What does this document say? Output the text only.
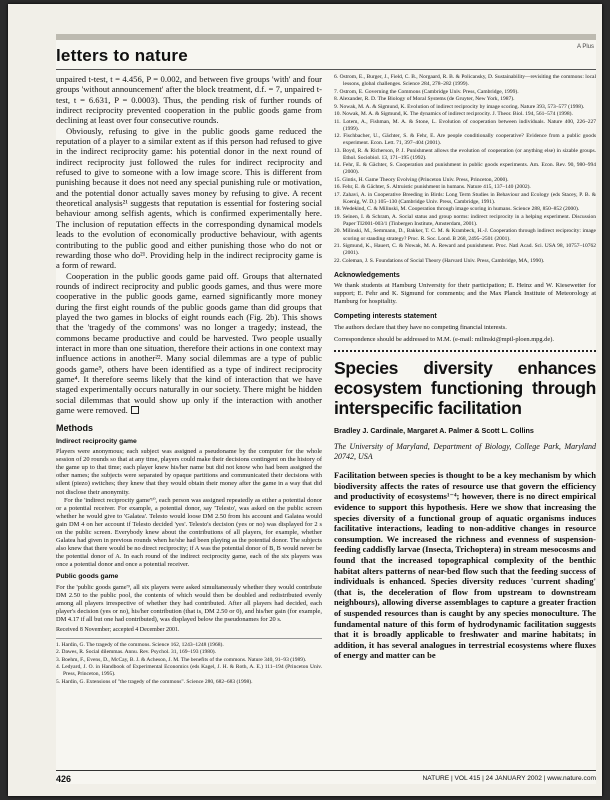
letters to nature	A Plus

unpaired t-test, t = 4.456, P = 0.002, and between five groups 'with' and four groups 'without announcement' after the block treatment, d.f. = 7, unpaired t-test, t = 6.631, P = 0.0003). Thus, the pending risk of further rounds of indirect reciprocity prevented cooperation in the public goods game from declining at least over four consecutive rounds.

Obviously, refusing to give in the public goods game reduced the reputation of a player to a similar extent as if this person had refused to give in the indirect reciprocity game: his potential donor in the next round of indirect reciprocity just followed the rules for indirect reciprocity and refused to give to someone with a low image score. This is different from punishing because it does not need any special punishing rule or motivation, and the potential donor actually saves money by refusing to give. A recent theoretical analysis²¹ suggests that reputation is essential for fostering social behaviour among selfish agents, which is confirmed experimentally here. The inclusion of reputation effects in the corresponding dynamical models leads to the evolution of economically productive behaviour, with agents contributing to the public good and either punishing those who do not or rewarding those who do²¹. Providing help in the indirect reciprocity game is a form of reward.

Cooperation in the public goods game paid off. Groups that alternated rounds of indirect reciprocity and public goods games, and thus were more cooperative in the public goods game, earned significantly more money during the first eight rounds of the public goods game than did groups that played the two games in blocks of eight rounds each (Fig. 2b). This shows that the 'tragedy of the commons' was no longer a tragedy; instead, the commons became productive and could be harvested. Two people usually interact in more than one situation, therefore their actions in one context may influence actions in another²². Many social dilemmas are a type of public goods game⁹, others have been identified as a type of indirect reciprocity game⁴. It therefore seems likely that the kind of interaction that we have staged experimentally occurs naturally in our society. There might be hidden social dilemmas that would show up only if the interaction with another game were removed.

Methods
Indirect reciprocity game

Players were anonymous; each subject was assigned a pseudoname by the computer for the whole session of 20 rounds so that at any time, players could make their decisions contingent on the history of the game up to that time; each player knew his/her name but did not know who had been assigned the other names; the subjects were separated by opaque partitions and communicated their decisions with silent (piezo) switches; they knew that they would obtain their money after the game in a way that did not disclose their anonymity.

For the 'indirect reciprocity game'¹⁰, each person was assigned repeatedly as either a potential donor or a potential receiver. For example, a potential donor, say 'Telesto', was asked on the public screen whether he would give to 'Galatea'. Telesto would loose DM 2.50 from his account and Galatea would gain DM 4 on her account if Telesto decided 'yes'. Telesto's decision (yes or no) was displayed for 2 s on the public screen. Everybody knew about the contributions of all players, for example, whether Galatea had given in previous rounds when he/she had been playing as the potential donor. The subjects also knew that there would be no direct reciprocity; if A was the potential donor of B, B would never be the potential donor of A. In each round of the indirect reciprocity game, each of the six players was once a potential donor and once a potential receiver.

Public goods game

For the 'public goods game'⁹, all six players were asked simultaneously whether they would contribute DM 2.50 to the public pool, the contents of which would then be doubled and redistributed evenly among all players irrespective of whether they had contributed. After all players had decided, each player's decision (yes or no), his/her contribution (that is, DM 2.50 or 0), and his/her gain (for example, DM 4.17 if all but one had contributed), was displayed below the pseudonames for 20 s.

Received 8 November; accepted 4 December 2001.
1. Hardin, G. The tragedy of the commons. Science 162, 1243–1248 (1968).
2. Dawes, R. Social dilemmas. Annu. Rev. Psychol. 31, 169–193 (1980).
3. Boehm, F., Evens, D., McCay, B. J. & Acheson, J. M. The benefits of the commons. Nature 340, 91–93 (1989).
4. Ledyard, J. O. in Handbook of Experimental Economics (eds Kagel, J. H. & Roth, A. E.) 111–194 (Princeton Univ. Press, Princeton, 1995).
5. Hardin, G. Extensions of "the tragedy of the commons". Science 280, 682–683 (1998).
6. Ostrom, E., Burger, J., Field, C. B., Norgaard, R. B. & Policansky, D. Sustainability—revisiting the commons: local lessons, global challenges. Science 284, 278–282 (1999).
7. Ostrom, E. Governing the Commons (Cambridge Univ. Press, Cambridge, 1999).
8. Alexander, R. D. The Biology of Moral Systems (de Gruyter, New York, 1987).
9. Nowak, M. A. & Sigmund, K. Evolution of indirect reciprocity by image scoring. Nature 393, 573–577 (1998).
10. Nowak, M. A. & Sigmund, K. The dynamics of indirect reciprocity. J. Theor. Biol. 194, 561–574 (1998).
11. Lotem, A., Fishman, M. A. & Stone, L. Evolution of cooperation between individuals. Nature 400, 226–227 (1999).
12. Fischbacher, U., Gächter, S. & Fehr, E. Are people conditionally cooperative? Evidence from a public goods experiment. Econ. Lett. 71, 397–404 (2001).
13. Boyd, R. & Richerson, P. J. Punishment allows the evolution of cooperation (or anything else) in sizable groups. Ethol. Sociobiol. 13, 171–195 (1992).
14. Fehr, E. & Gächter, S. Cooperation and punishment in public goods experiments. Am. Econ. Rev. 90, 980–994 (2000).
15. Gintis, H. Game Theory Evolving (Princeton Univ. Press, Princeton, 2000).
16. Fehr, E. & Gächter, S. Altruistic punishment in humans. Nature 415, 137–140 (2002).
17. Zahavi, A. in Cooperative Breeding in Birds: Long Term Studies in Behaviour and Ecology (eds Stacey, P. B. & Koenig, W. D.) 105–130 (Cambridge Univ. Press, Cambridge, 1991).
18. Wedekind, C. & Milinski, M. Cooperation through image scoring in humans. Science 288, 850–852 (2000).
19. Seinen, I. & Schram, A. Social status and group norms: indirect reciprocity in a helping experiment. Discussion Paper TI2001-003/1 (Tinbergen Institute, Amsterdam, 2001).
20. Milinski, M., Semmann, D., Bakker, T. C. M. & Krambeck, H.-J. Cooperation through indirect reciprocity: image scoring or standing strategy? Proc. R. Soc. Lond. B 268, 2495–2501 (2001).
21. Sigmund, K., Hauert, C. & Nowak, M. A. Reward and punishment. Proc. Natl Acad. Sci. USA 98, 10757–10762 (2001).
22. Coleman, J. S. Foundations of Social Theory (Harvard Univ. Press, Cambridge, MA, 1990).
Acknowledgements

We thank students at Hamburg University for their participation; E. Heinz and W. Kiesewetter for support; E. Fehr and K. Sigmund for comments; and the Max Planck Institute of Meteorology at Hamburg for hospitality.

Competing interests statement

The authors declare that they have no competing financial interests.

Correspondence should be addressed to M.M. (e-mail: milinski@mpil-ploen.mpg.de).

Species diversity enhances ecosystem functioning through interspecific facilitation
Bradley J. Cardinale, Margaret A. Palmer & Scott L. Collins
The University of Maryland, Department of Biology, College Park, Maryland 20742, USA
Facilitation between species is thought to be a key mechanism by which biodiversity affects the rates of resource use that govern the efficiency and productivity of ecosystems¹⁻⁴; however, there is no direct empirical evidence to support this hypothesis. Here we show that increasing the species diversity of a functional group of aquatic organisms induces facilitative interactions, leading to non-additive changes in resource consumption. We increased the richness and evenness of suspension-feeding caddisfly larvae (Insecta, Trichoptera) in stream mesocosms and found that the increased topographical complexity of the benthic habitat alters patterns of near-bed flow such that the feeding success of individuals is enhanced. Species diversity reduces 'current shading' (that is, the deceleration of flow from upstream to downstream neighbours), allowing diverse assemblages to capture a greater fraction of suspended resources than is caught by any species monoculture. The fundamental nature of this form of hydrodynamic facilitation suggests that it is broadly applicable to freshwater and marine habitats; in addition, it has several analogues in terrestrial ecosystems where fluxes of energy and matter can be
426	NATURE | VOL 415 | 24 JANUARY 2002 | www.nature.com
